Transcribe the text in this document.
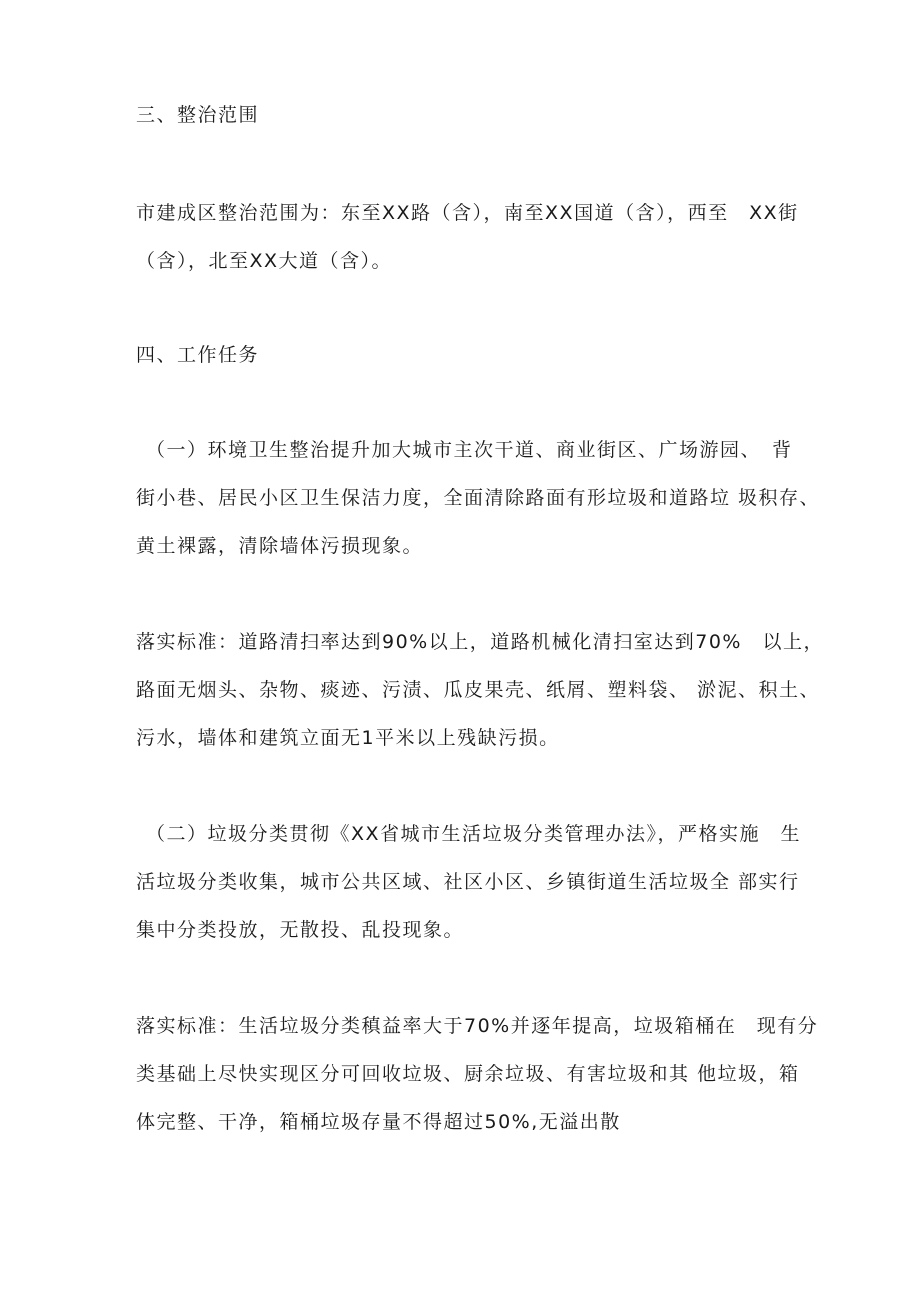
三、整治范围

市建成区整治范围为：东至XX路（含），南至XX国道（含），西至　XX街
（含），北至XX大道（含）。

四、工作任务

（一）环境卫生整治提升加大城市主次干道、商业街区、广场游园、　背
街小巷、居民小区卫生保洁力度，全面清除路面有形垃圾和道路垃 圾积存、
黄土裸露，清除墙体污损现象。

落实标准：道路清扫率达到90%以上，道路机械化清扫室达到70%　以上，
路面无烟头、杂物、痰迹、污渍、瓜皮果壳、纸屑、塑料袋、 淤泥、积土、
污水，墙体和建筑立面无1平米以上残缺污损。

（二）垃圾分类贯彻《XX省城市生活垃圾分类管理办法》，严格实施　生
活垃圾分类收集，城市公共区域、社区小区、乡镇街道生活垃圾全 部实行
集中分类投放，无散投、乱投现象。

落实标准：生活垃圾分类稹益率大于70%并逐年提高，垃圾箱桶在　现有分
类基础上尽快实现区分可回收垃圾、厨余垃圾、有害垃圾和其 他垃圾，箱
体完整、干净，箱桶垃圾存量不得超过50%,无溢出散
